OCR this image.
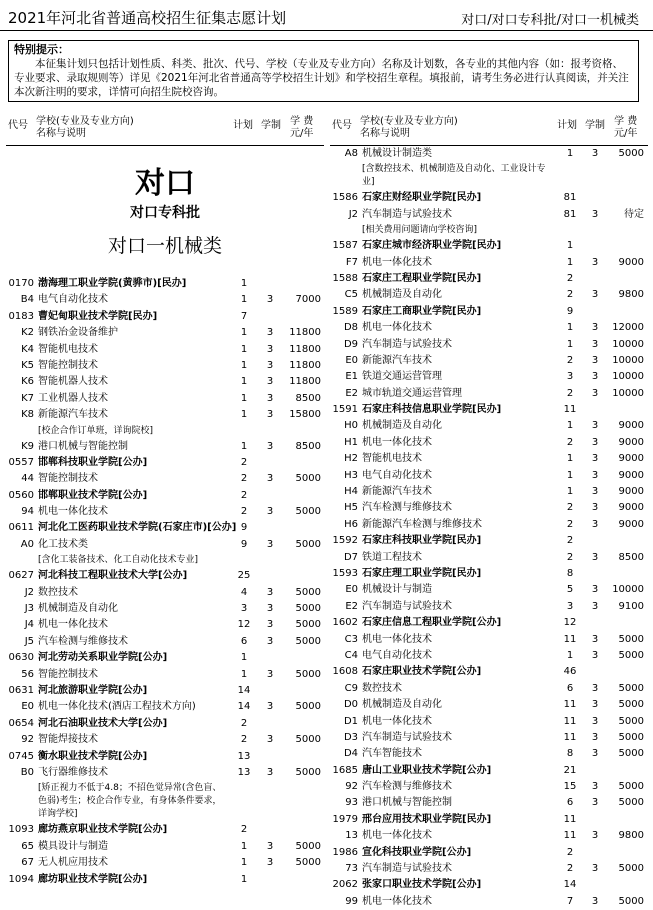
2021年河北省普通高校招生征集志愿计划	对口/对口专科批/对口一机械类
特别提示：
本征集计划只包括计划性质、科类、批次、代号、学校（专业及专业方向）名称及计划数，各专业的其他内容（如：报考资格、专业要求、录取规则等）详见《2021年河北省普通高等学校招生计划》和学校招生章程。填报前，请考生务必进行认真阅读，并关注本次新注明的要求，详情可向招生院校咨询。
代号 学校(专业及专业方向)
名称与说明
计划 学制 学 费
元/年
对口
对口专科批
对口一机械类
0170 渤海理工职业学院(黄骅市)[民办]	1
B4 电气自动化技术	1	3	7000
0183 曹妃甸职业技术学院[民办]	7
K2 钢铁冶金设备维护	1	3	11800
K4 智能机电技术	1	3	11800
K5 智能控制技术	1	3	11800
K6 智能机器人技术	1	3	11800
K7 工业机器人技术	1	3	8500
K8 新能源汽车技术	1	3	15800
[校企合作订单班，详询院校]
K9 港口机械与智能控制	1	3	8500
0557 邯郸科技职业学院[公办]	2
44 智能控制技术	2	3	5000
0560 邯郸职业技术学院[公办]	2
94 机电一体化技术	2	3	5000
0611 河北化工医药职业技术学院(石家庄市)[公办] 9
A0 化工技术类	9	3	5000
[含化工装备技术、化工自动化技术专业]
0627 河北科技工程职业技术大学[公办]	25
J2 数控技术	4	3	5000
J3 机械制造及自动化	3	3	5000
J4 机电一体化技术	12	3	5000
J5 汽车检测与维修技术	6	3	5000
0630 河北劳动关系职业学院[公办]	1
56 智能控制技术	1	3	5000
0631 河北旅游职业学院[公办]	14
E0 机电一体化技术(酒店工程技术方向)	14	3	5000
0654 河北石油职业技术大学[公办]	2
92 智能焊接技术	2	3	5000
0745 衡水职业技术学院[公办]	13
B0 飞行器维修技术	13	3	5000
[矫正视力不低于4.8；不招色觉异常(含色盲、色弱)考生；校企合作专业，有身体条件要求，详询学校]
1093 廊坊燕京职业技术学院[公办]	2
65 模具设计与制造	1	3	5000
67 无人机应用技术	1	3	5000
1094 廊坊职业技术学院[公办]	1
代号 学校(专业及专业方向)
名称与说明
计划 学制 学 费
元/年
A8 机械设计制造类	1	3	5000
[含数控技术、机械制造及自动化、工业设计专业]
1586 石家庄财经职业学院[民办]	81
J2 汽车制造与试验技术	81	3	待定
[相关费用问题请向学校咨询]
1587 石家庄城市经济职业学院[民办]	1
F7 机电一体化技术	1	3	9000
1588 石家庄工程职业学院[民办]	2
C5 机械制造及自动化	2	3	9800
1589 石家庄工商职业学院[民办]	9
D8 机电一体化技术	1	3	12000
D9 汽车制造与试验技术	1	3	10000
E0 新能源汽车技术	2	3	10000
E1 铁道交通运营管理	3	3	10000
E2 城市轨道交通运营管理	2	3	10000
1591 石家庄科技信息职业学院[民办]	11
H0 机械制造及自动化	1	3	9000
H1 机电一体化技术	2	3	9000
H2 智能机电技术	1	3	9000
H3 电气自动化技术	1	3	9000
H4 新能源汽车技术	1	3	9000
H5 汽车检测与维修技术	2	3	9000
H6 新能源汽车检测与维修技术	2	3	9000
1592 石家庄科技职业学院[民办]	2
D7 铁道工程技术	2	3	8500
1593 石家庄理工职业学院[民办]	8
E0 机械设计与制造	5	3	10000
E2 汽车制造与试验技术	3	3	9100
1602 石家庄信息工程职业学院[公办]	12
C3 机电一体化技术	11	3	5000
C4 电气自动化技术	1	3	5000
1608 石家庄职业技术学院[公办]	46
C9 数控技术	6	3	5000
D0 机械制造及自动化	11	3	5000
D1 机电一体化技术	11	3	5000
D3 汽车制造与试验技术	11	3	5000
D4 汽车智能技术	8	3	5000
1685 唐山工业职业技术学院[公办]	21
92 汽车检测与维修技术	15	3	5000
93 港口机械与智能控制	6	3	5000
1979 邢台应用技术职业学院[民办]	11
13 机电一体化技术	11	3	9800
1986 宣化科技职业学院[公办]	2
73 汽车制造与试验技术	2	3	5000
2062 张家口职业技术学院[公办]	14
99 机电一体化技术	7	3	5000
